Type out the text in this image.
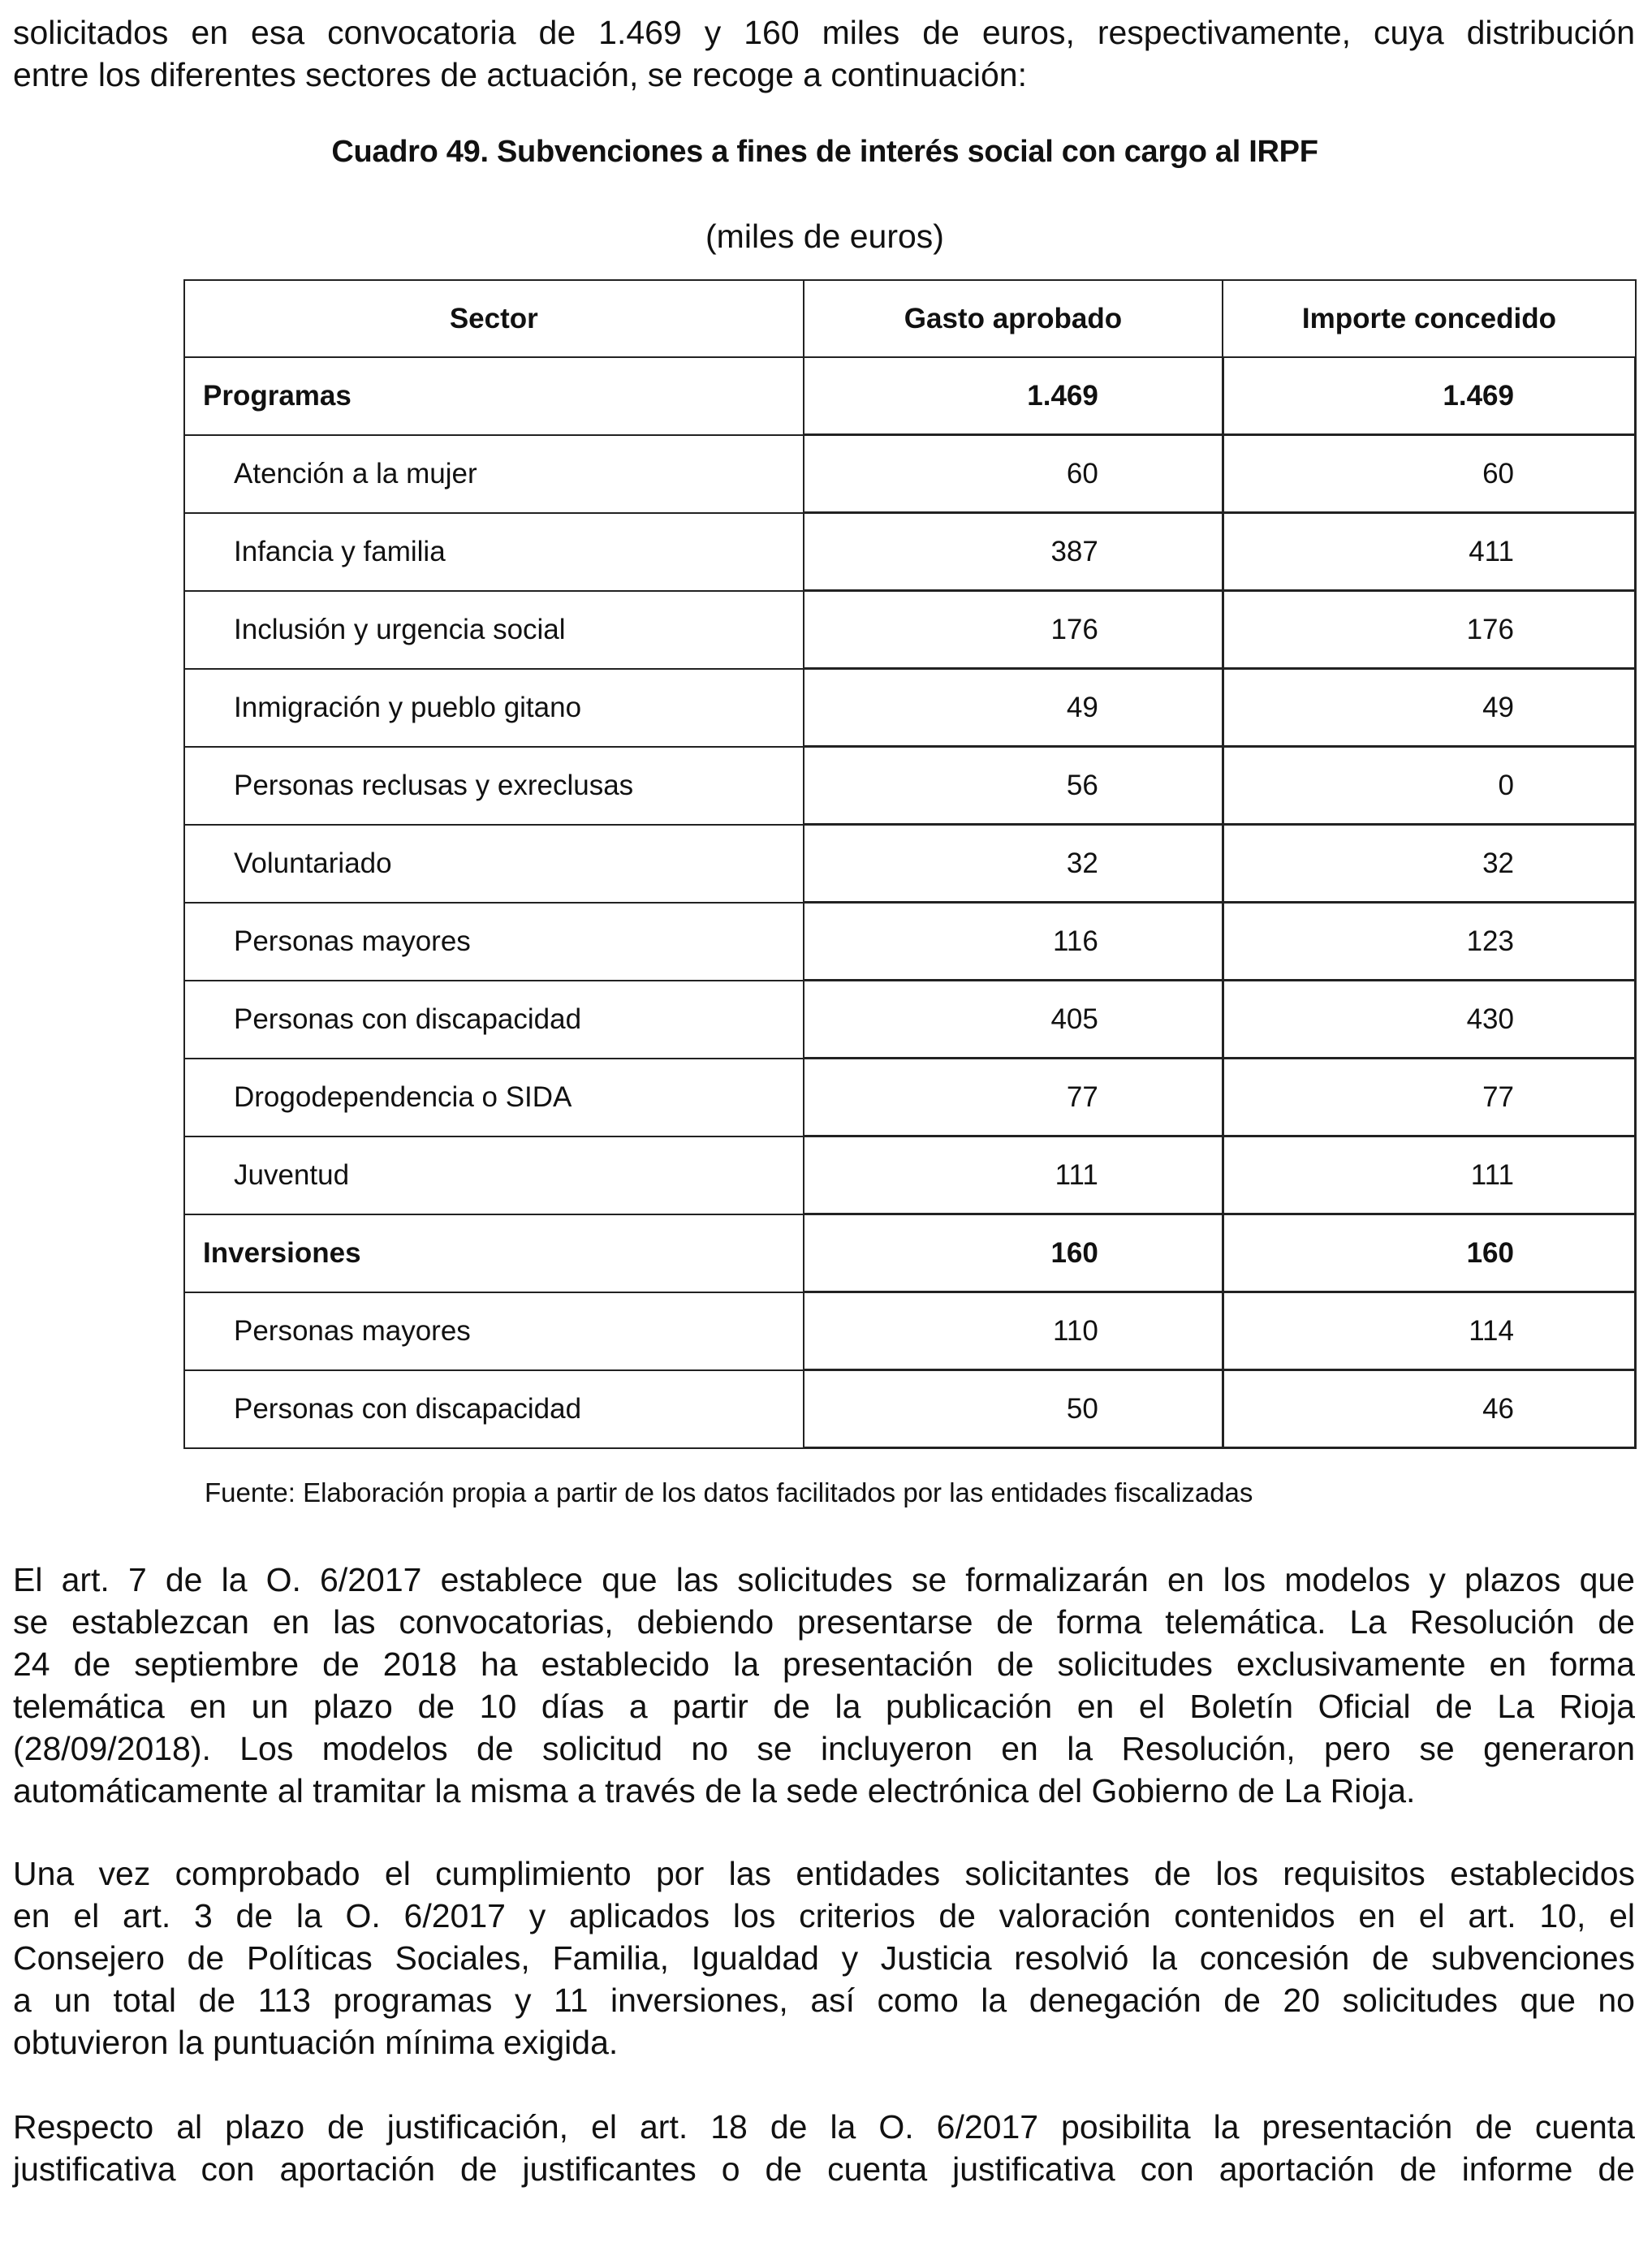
solicitados en esa convocatoria de 1.469 y 160 miles de euros, respectivamente, cuya distribución
entre los diferentes sectores de actuación, se recoge a continuación:

Cuadro 49. Subvenciones a fines de interés social con cargo al IRPF
(miles de euros)
Sector	Gasto aprobado	Importe concedido
Programas	1.469	1.469
Atención a la mujer	60	60
Infancia y familia	387	411
Inclusión y urgencia social	176	176
Inmigración y pueblo gitano	49	49
Personas reclusas y exreclusas	56	0
Voluntariado	32	32
Personas mayores	116	123
Personas con discapacidad	405	430
Drogodependencia o SIDA	77	77
Juventud	111	111
Inversiones	160	160
Personas mayores	110	114
Personas con discapacidad	50	46
Fuente: Elaboración propia a partir de los datos facilitados por las entidades fiscalizadas

El art. 7 de la O. 6/2017 establece que las solicitudes se formalizarán en los modelos y plazos que
se establezcan en las convocatorias, debiendo presentarse de forma telemática. La Resolución de
24 de septiembre de 2018 ha establecido la presentación de solicitudes exclusivamente en forma
telemática en un plazo de 10 días a partir de la publicación en el Boletín Oficial de La Rioja
(28/09/2018). Los modelos de solicitud no se incluyeron en la Resolución, pero se generaron
automáticamente al tramitar la misma a través de la sede electrónica del Gobierno de La Rioja.

Una vez comprobado el cumplimiento por las entidades solicitantes de los requisitos establecidos
en el art. 3 de la O. 6/2017 y aplicados los criterios de valoración contenidos en el art. 10, el
Consejero de Políticas Sociales, Familia, Igualdad y Justicia resolvió la concesión de subvenciones
a un total de 113 programas y 11 inversiones, así como la denegación de 20 solicitudes que no
obtuvieron la puntuación mínima exigida.

Respecto al plazo de justificación, el art. 18 de la O. 6/2017 posibilita la presentación de cuenta
justificativa con aportación de justificantes o de cuenta justificativa con aportación de informe de
